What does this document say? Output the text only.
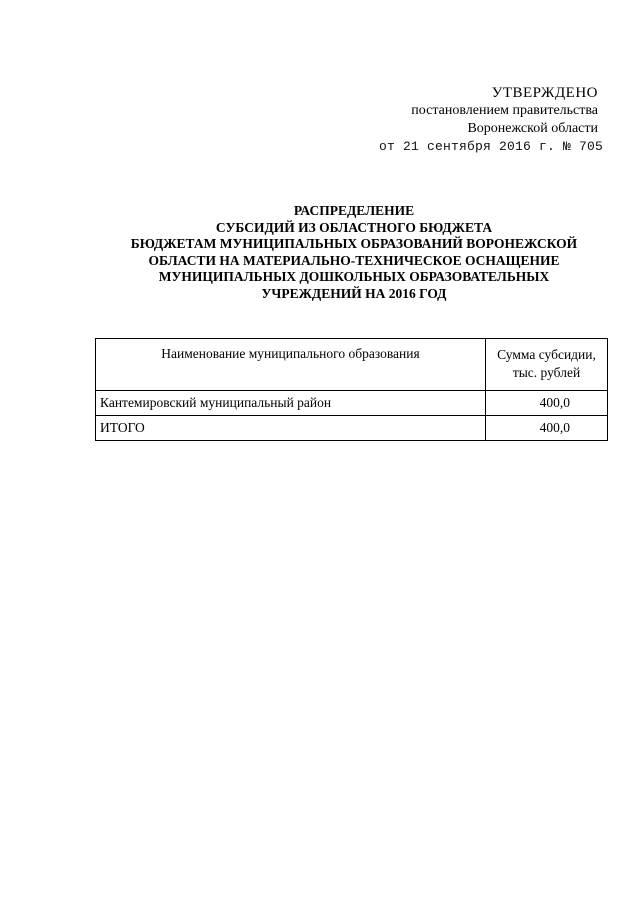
УТВЕРЖДЕНО
постановлением правительства
Воронежской области
от 21 сентября 2016 г. № 705
РАСПРЕДЕЛЕНИЕ
СУБСИДИЙ ИЗ ОБЛАСТНОГО БЮДЖЕТА
БЮДЖЕТАМ МУНИЦИПАЛЬНЫХ ОБРАЗОВАНИЙ ВОРОНЕЖСКОЙ
ОБЛАСТИ НА МАТЕРИАЛЬНО-ТЕХНИЧЕСКОЕ ОСНАЩЕНИЕ
МУНИЦИПАЛЬНЫХ ДОШКОЛЬНЫХ ОБРАЗОВАТЕЛЬНЫХ
УЧРЕЖДЕНИЙ НА 2016 ГОД
Наименование муниципального образования	Сумма субсидии,
тыс. рублей

Кантемировский муниципальный район	400,0
ИТОГО	400,0
